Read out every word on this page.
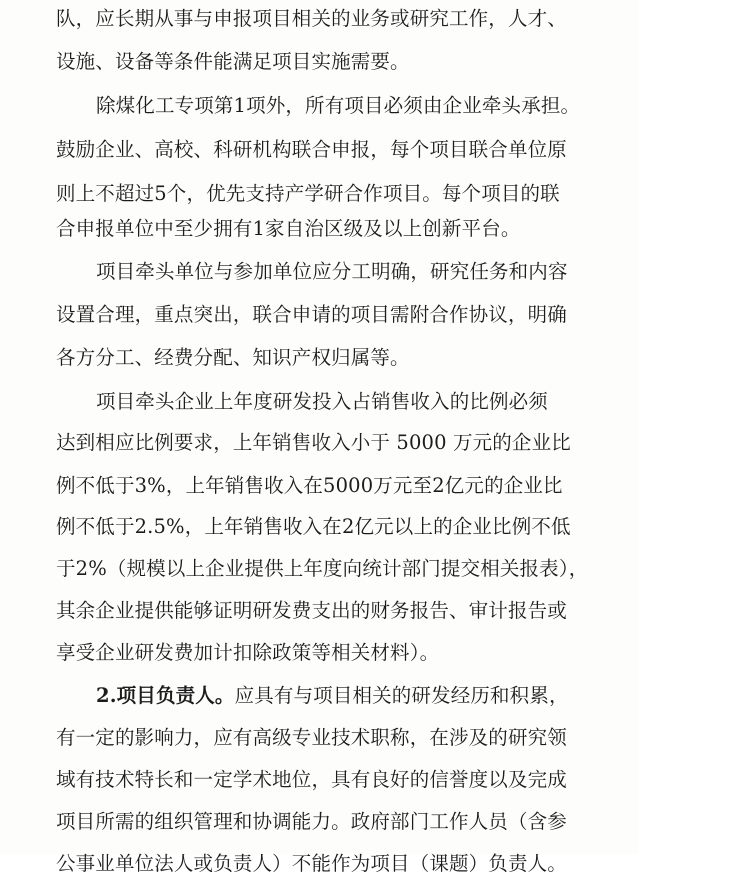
队，应长期从事与申报项目相关的业务或研究工作，人才、
设施、设备等条件能满足项目实施需要。
除煤化工专项第1项外，所有项目必须由企业牵头承担。
鼓励企业、高校、科研机构联合申报，每个项目联合单位原
则上不超过5个，优先支持产学研合作项目。每个项目的联
合申报单位中至少拥有1家自治区级及以上创新平台。
项目牵头单位与参加单位应分工明确，研究任务和内容
设置合理，重点突出，联合申请的项目需附合作协议，明确
各方分工、经费分配、知识产权归属等。
项目牵头企业上年度研发投入占销售收入的比例必须
达到相应比例要求，上年销售收入小于 5000 万元的企业比
例不低于3%，上年销售收入在5000万元至2亿元的企业比
例不低于2.5%，上年销售收入在2亿元以上的企业比例不低
于2%（规模以上企业提供上年度向统计部门提交相关报表），
其余企业提供能够证明研发费支出的财务报告、审计报告或
享受企业研发费加计扣除政策等相关材料）。
2.项目负责人。应具有与项目相关的研发经历和积累，
有一定的影响力，应有高级专业技术职称，在涉及的研究领
域有技术特长和一定学术地位，具有良好的信誉度以及完成
项目所需的组织管理和协调能力。政府部门工作人员（含参
公事业单位法人或负责人）不能作为项目（课题）负责人。
